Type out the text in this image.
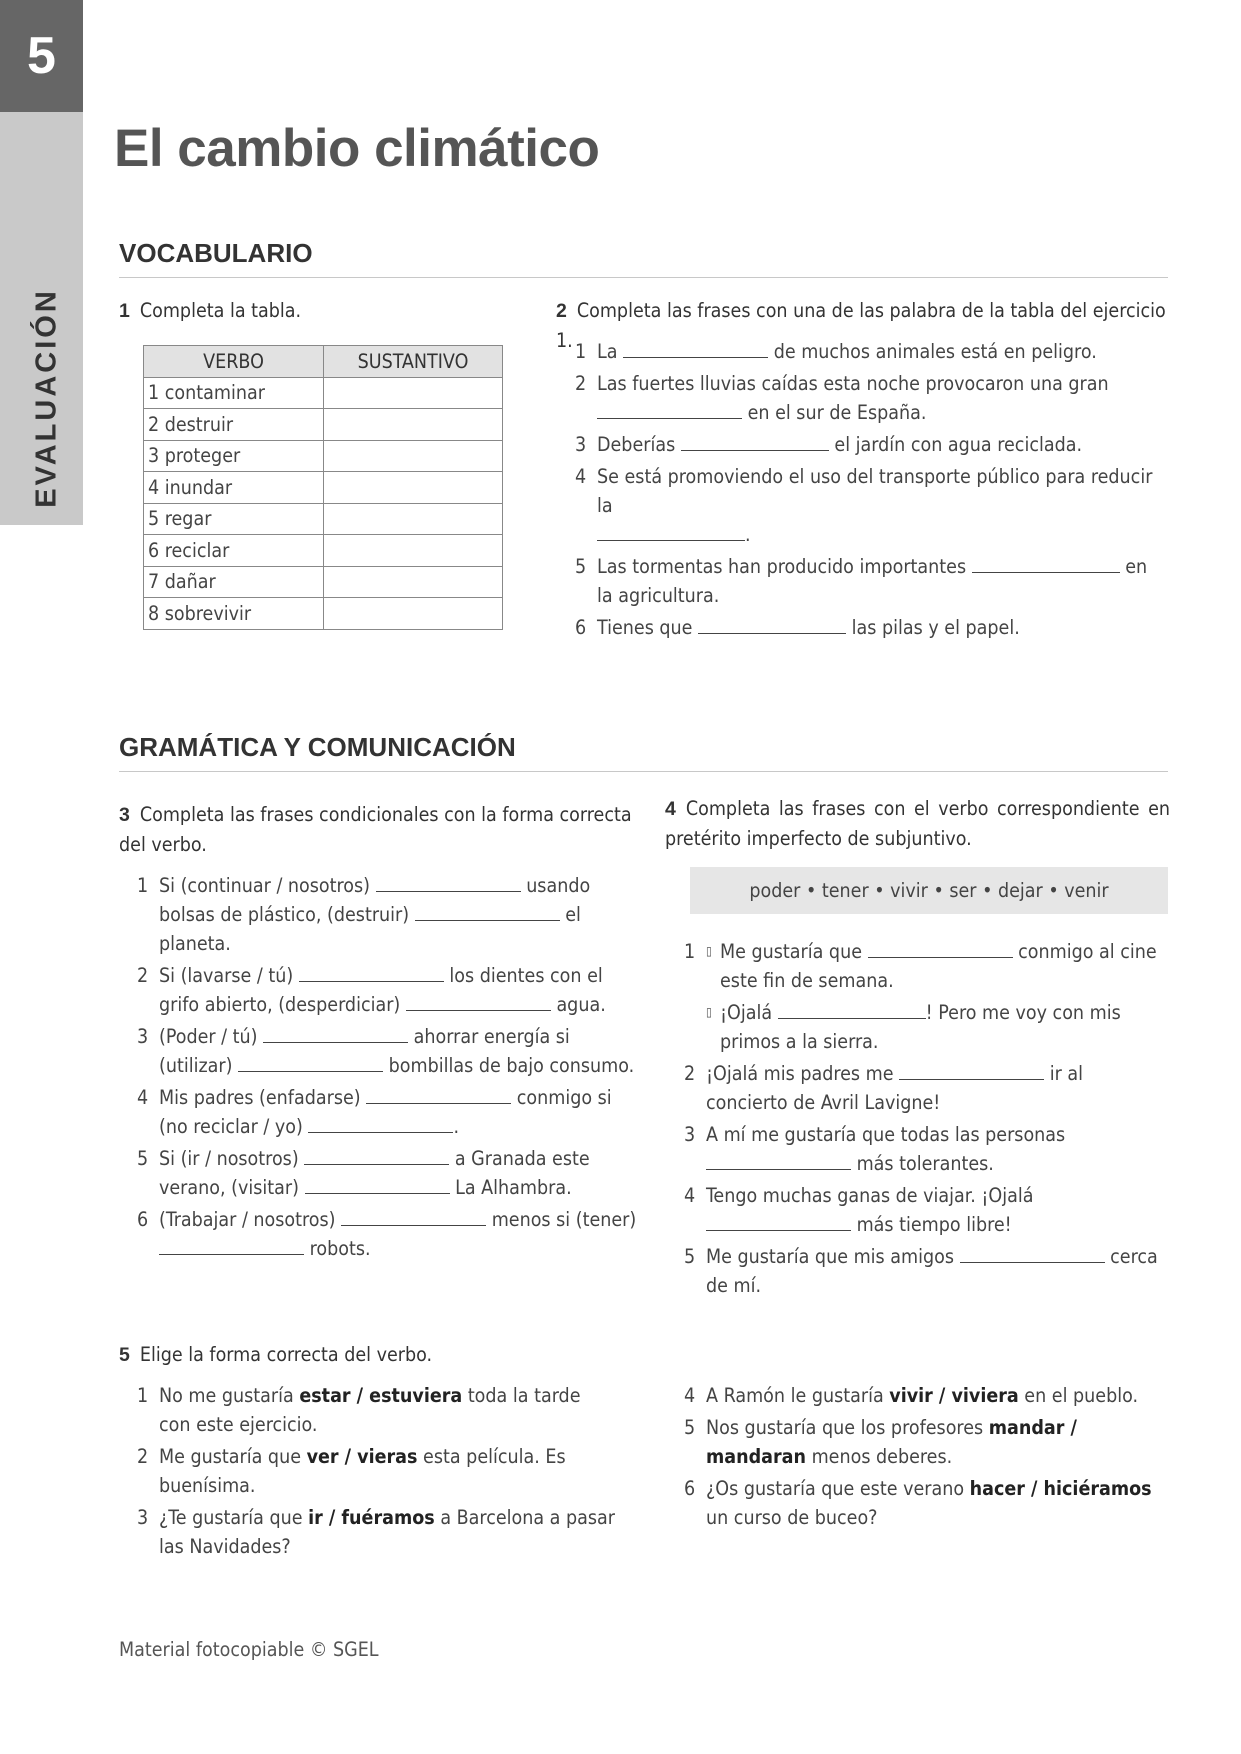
5
EVALUACIÓN
El cambio climático
VOCABULARIO
1 Completa la tabla.
VERBO	SUSTANTIVO
1 contaminar	
2 destruir	
3 proteger	
4 inundar	
5 regar	
6 reciclar	
7 dañar	
8 sobrevivir	
2 Completa las frases con una de las palabra de la tabla del ejercicio 1. 1 La	de muchos animales está en peligro.
2 Las fuertes lluvias caídas esta noche provocaron una gran
en el sur de España.
3 Deberías	el jardín con agua reciclada.
4 Se está promoviendo el uso del transporte público para reducir la
.
5 Las tormentas han producido importantes	en la agricultura.
6 Tienes que	las pilas y el papel.
GRAMÁTICA Y COMUNICACIÓN
3 Completa las frases condicionales con la forma correcta del verbo.
1 Si (continuar / nosotros)	usando bolsas de plástico, (destruir)	el planeta.
2 Si (lavarse / tú)	los dientes con el grifo abierto, (desperdiciar)	agua.
3 (Poder / tú)	ahorrar energía si (utilizar)	bombillas de bajo consumo.
4 Mis padres (enfadarse)	conmigo si (no reciclar / yo)	.
5 Si (ir / nosotros)	a Granada este verano, (visitar)	La Alhambra.
6 (Trabajar / nosotros)	menos si (tener)  robots.
4 Completa las frases con el verbo correspondiente en pretérito imperfecto de subjuntivo.
poder • tener • vivir • ser • dejar • venir
1 ▯ Me gustaría que	conmigo al cine este fin de semana.
▯ ¡Ojalá	! Pero me voy con mis primos a la sierra.
2 ¡Ojalá mis padres me	ir al concierto de Avril Lavigne!
3 A mí me gustaría que todas las personas
más tolerantes.
4 Tengo muchas ganas de viajar. ¡Ojalá  más tiempo libre!
5 Me gustaría que mis amigos	cerca de mí.
5 Elige la forma correcta del verbo.
1 No me gustaría estar / estuviera toda la tarde con este ejercicio.
2 Me gustaría que ver / vieras esta película. Es buenísima.
3 ¿Te gustaría que ir / fuéramos a Barcelona a pasar las Navidades?
4 A Ramón le gustaría vivir / viviera en el pueblo.
5 Nos gustaría que los profesores mandar / mandaran menos deberes.
6 ¿Os gustaría que este verano hacer / hiciéramos un curso de buceo?
Material fotocopiable © SGEL
